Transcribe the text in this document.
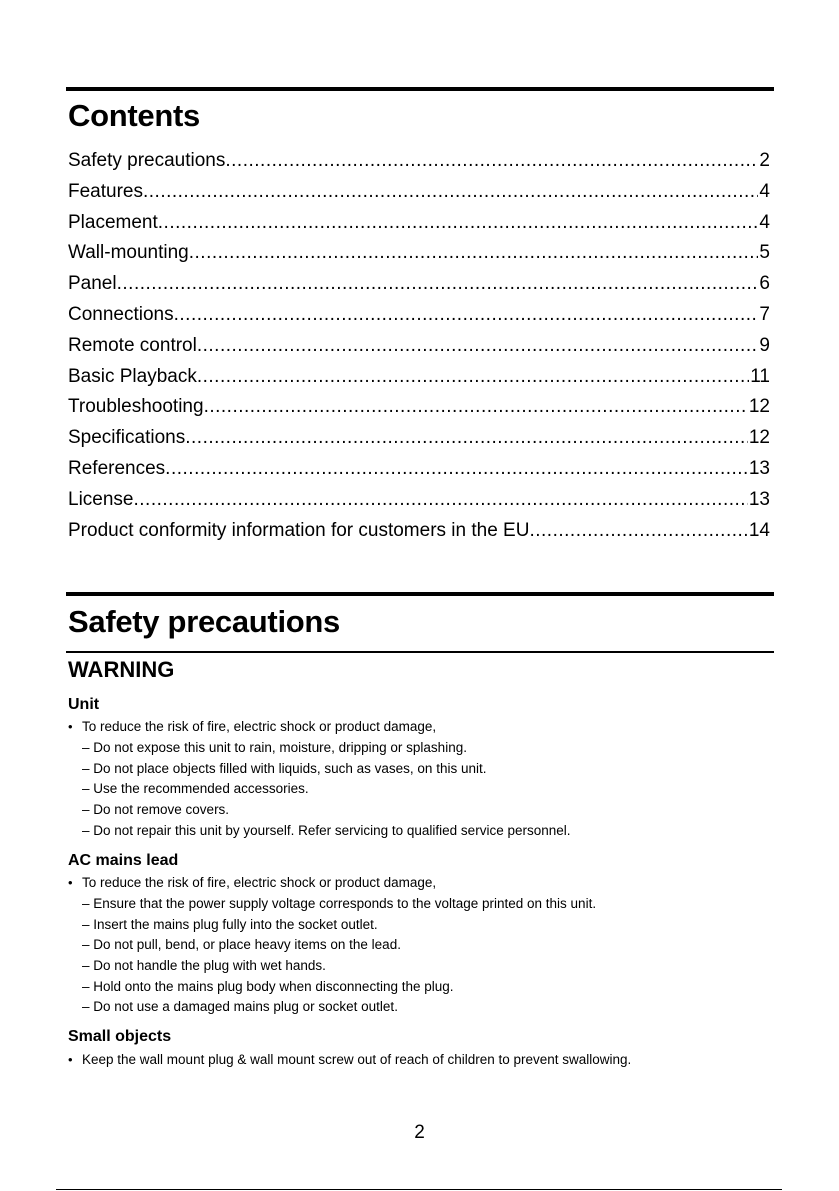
Contents
Safety precautions .....	2
Features .....	4
Placement .....	4
Wall-mounting .....	5
Panel .....	6
Connections .....	7
Remote control .....	9
Basic Playback .....	11
Troubleshooting .....	12
Specifications .....	12
References .....	13
License .....	13
Product conformity information for customers in the EU .....	14
Safety precautions
WARNING
Unit
• To reduce the risk of fire, electric shock or product damage,
– Do not expose this unit to rain, moisture, dripping or splashing.
– Do not place objects filled with liquids, such as vases, on this unit.
– Use the recommended accessories.
– Do not remove covers.
– Do not repair this unit by yourself. Refer servicing to qualified service personnel.
AC mains lead
• To reduce the risk of fire, electric shock or product damage,
– Ensure that the power supply voltage corresponds to the voltage printed on this unit.
– Insert the mains plug fully into the socket outlet.
– Do not pull, bend, or place heavy items on the lead.
– Do not handle the plug with wet hands.
– Hold onto the mains plug body when disconnecting the plug.
– Do not use a damaged mains plug or socket outlet.
Small objects
• Keep the wall mount plug & wall mount screw out of reach of children to prevent swallowing.
2
